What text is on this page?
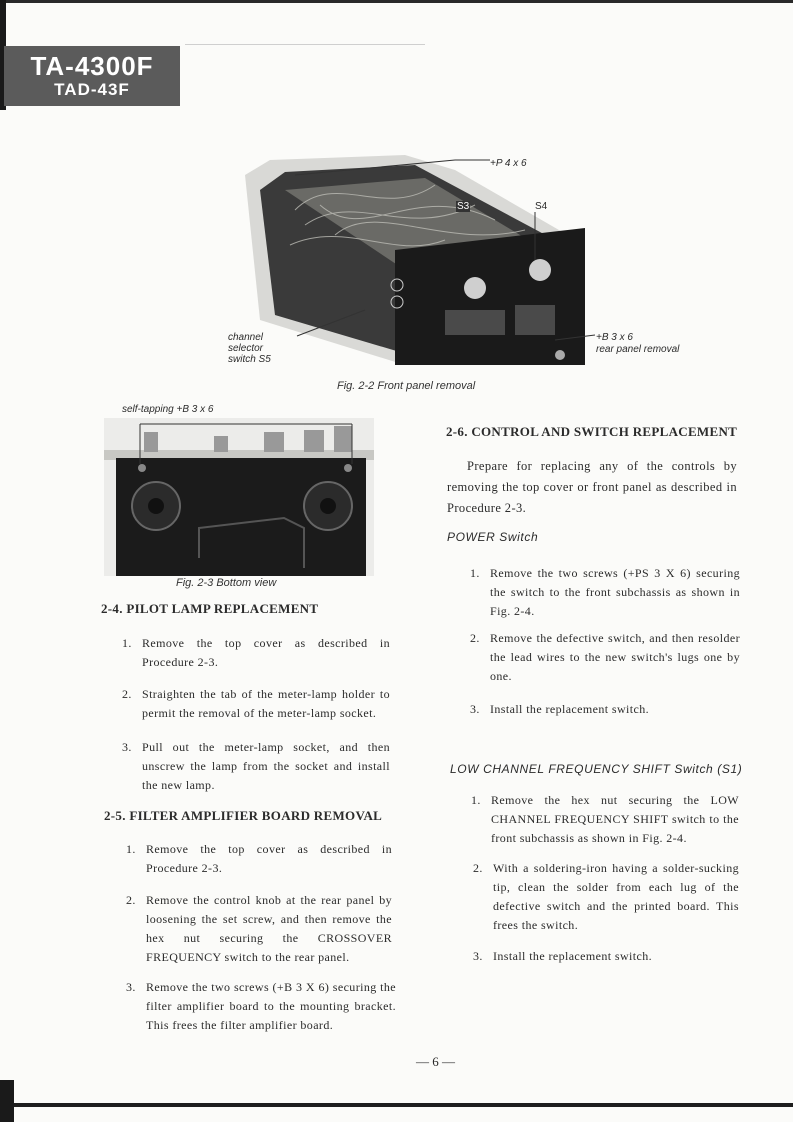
TA-4300F
TAD-43F
+P 4 x 6
S3	S4
channel
selector
switch S5
+B 3 x 6
rear panel removal
Fig. 2-2 Front panel removal
self-tapping +B 3 x 6
Fig. 2-3 Bottom view
2-4. PILOT LAMP REPLACEMENT
1. Remove the top cover as described in Procedure 2-3.
2. Straighten the tab of the meter-lamp holder to permit the removal of the meter-lamp socket.
3. Pull out the meter-lamp socket, and then unscrew the lamp from the socket and install the new lamp.
2-5. FILTER AMPLIFIER BOARD REMOVAL
1. Remove the top cover as described in Procedure 2-3.
2. Remove the control knob at the rear panel by loosening the set screw, and then remove the hex nut securing the CROSSOVER FREQUENCY switch to the rear panel.
3. Remove the two screws (+B 3 X 6) securing the filter amplifier board to the mounting bracket. This frees the filter amplifier board.
2-6. CONTROL AND SWITCH REPLACEMENT
Prepare for replacing any of the controls by removing the top cover or front panel as described in Procedure 2-3.
POWER Switch
1. Remove the two screws (+PS 3 X 6) securing the switch to the front subchassis as shown in Fig. 2-4.
2. Remove the defective switch, and then resolder the lead wires to the new switch's lugs one by one.
3. Install the replacement switch.
LOW CHANNEL FREQUENCY SHIFT Switch (S1)
1. Remove the hex nut securing the LOW CHANNEL FREQUENCY SHIFT switch to the front subchassis as shown in Fig. 2-4.
2. With a soldering-iron having a solder-sucking tip, clean the solder from each lug of the defective switch and the printed board. This frees the switch.
3. Install the replacement switch.
— 6 —
